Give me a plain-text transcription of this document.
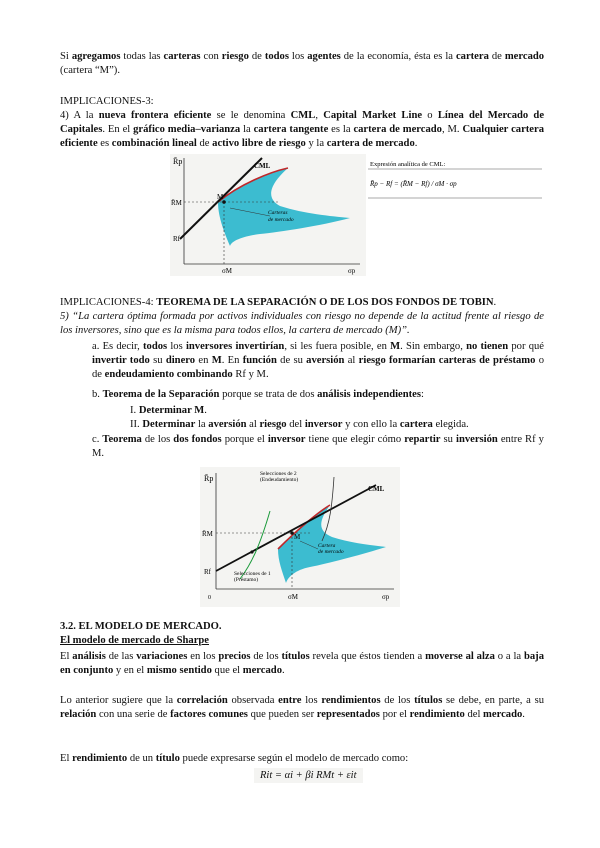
Si agregamos todas las carteras con riesgo de todos los agentes de la economía, ésta es la cartera de mercado (cartera “M”).
IMPLICACIONES-3:
4) A la nueva frontera eficiente se le denomina CML, Capital Market Line o Línea del Mercado de Capitales. En el gráfico media–varianza la cartera tangente es la cartera de mercado, M. Cualquier cartera eficiente es combinación lineal de activo libre de riesgo y la cartera de mercado.
R̄p	CML
R̄M
Rf
M
σM	σp
Carteras
de mercado
Expresión analítica de CML:
R̄p − Rf = (R̄M − Rf) / σM · σp
IMPLICACIONES-4: TEOREMA DE LA SEPARACIÓN O DE LOS DOS FONDOS DE TOBIN.
5) “La cartera óptima formada por activos individuales con riesgo no depende de la actitud frente al riesgo de los inversores, sino que es la misma para todos ellos, la cartera de mercado (M)”.
a. Es decir, todos los inversores invertirían, si les fuera posible, en M. Sin embargo, no tienen por qué invertir todo su dinero en M. En función de su aversión al riesgo formarían carteras de préstamo o de endeudamiento combinando Rf y M.
b. Teorema de la Separación porque se trata de dos análisis independientes:
I. Determinar M.
II. Determinar la aversión al riesgo del inversor y con ello la cartera elegida.
c. Teorema de los dos fondos porque el inversor tiene que elegir cómo repartir su inversión entre Rf y M.
R̄p
σp
0
CML
R̄M
Rf
M
σM
Cartera
de mercado
Selecciones de 2
(Endeudamiento)
Selecciones de 1
(Préstamo)
3.2. EL MODELO DE MERCADO.
El modelo de mercado de Sharpe
El análisis de las variaciones en los precios de los títulos revela que éstos tienden a moverse al alza o a la baja en conjunto y en el mismo sentido que el mercado.
Lo anterior sugiere que la correlación observada entre los rendimientos de los títulos se debe, en parte, a su relación con una serie de factores comunes que pueden ser representados por el rendimiento del mercado.
El rendimiento de un título puede expresarse según el modelo de mercado como:
Rit = αi + βi RMt + εit
